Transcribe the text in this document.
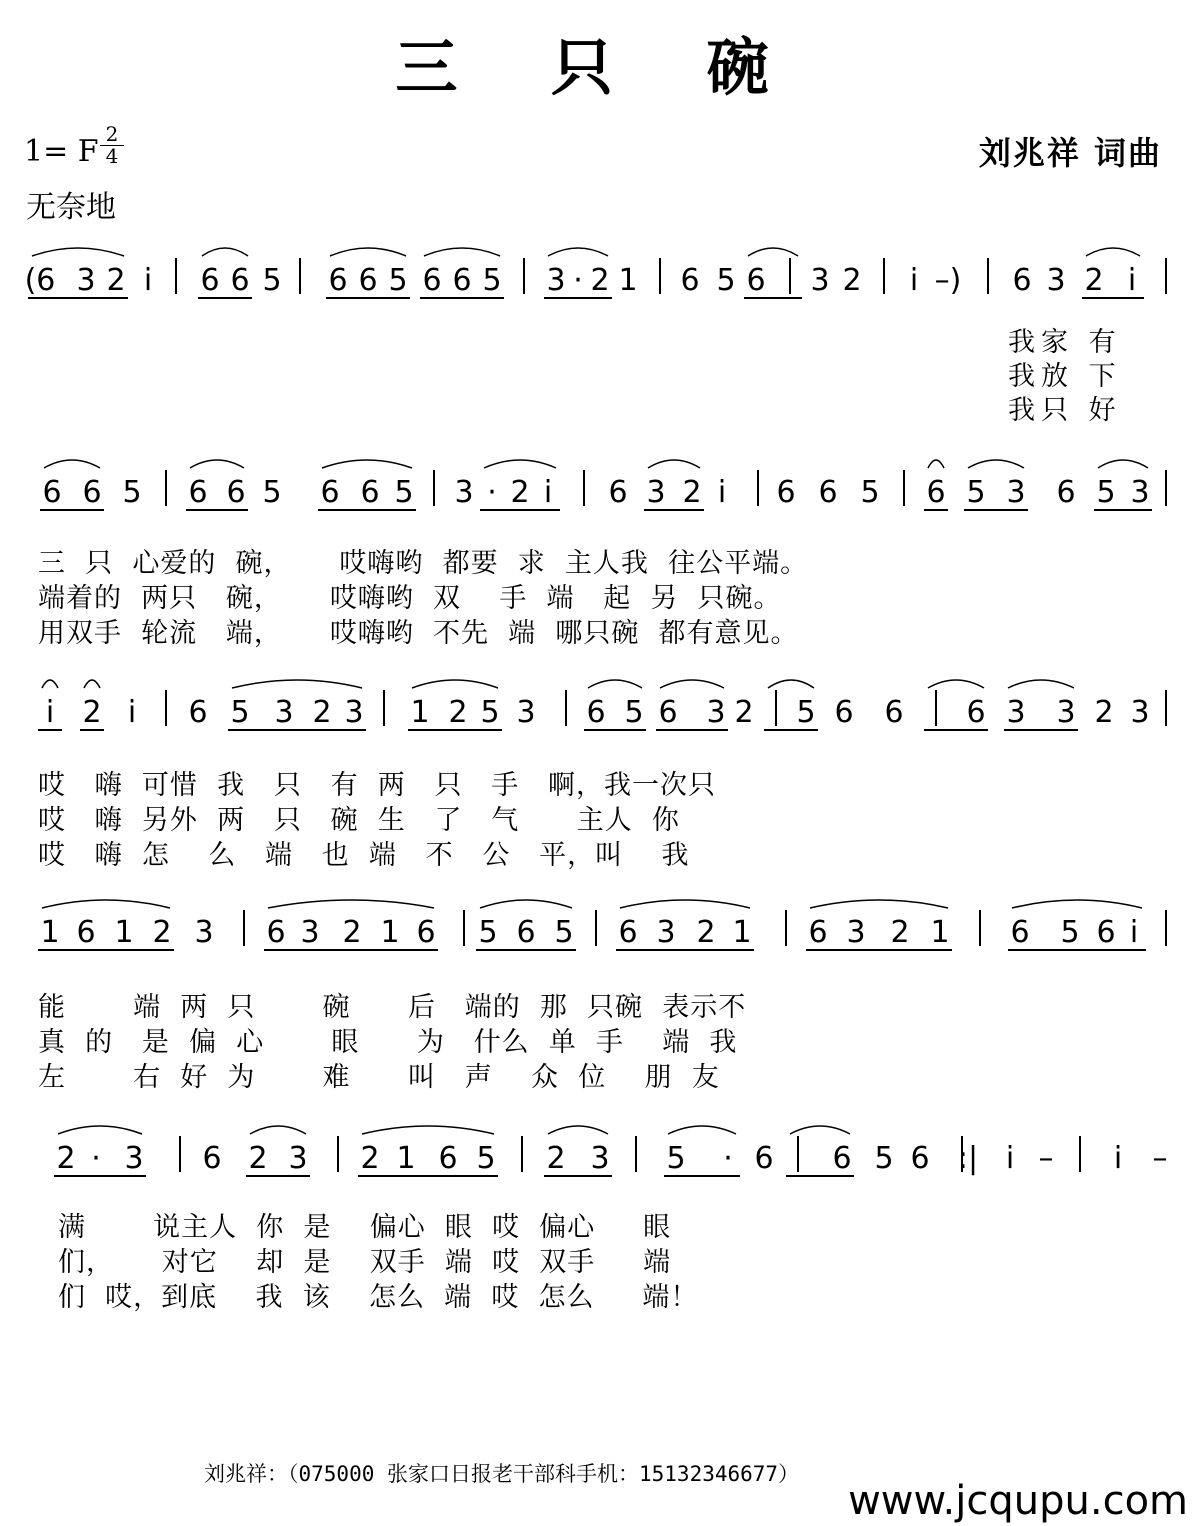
三 只 碗
1= F 2
4
无奈地
刘兆祥 词曲
(6 3 2 i 6 6 5 6 6 5 6 6 5 3 · 2 1 6 5 6 3 2 i –) 6 3 2 i
6 6 5 6 6 5 6 6 5 3 · 2 i 6 3 2 i 6 6 5 6 5 3 6 5 3
i 2 i 6 5 3 2 3 1 2 5 3 6 5 6 3 2 5 6 6 6 3 3 2 3
1 6 1 2 3 6 3 2 1 6 5 6 5 6 3 2 1 6 3 2 1 6 5 6 i
2 · 3 6 2 3 2 1 6 5 2 3 5 · 6 6 5 6	i – i –
:|
我家 有
我放 下
我只 好
三  只  心爱的  碗，     哎嗨哟  都要  求  主人我  往公平端。
端着的  两只   碗，     哎嗨哟  双    手  端   起  另  只碗。
用双手  轮流   端，     哎嗨哟  不先  端  哪只碗  都有意见。
哎   嗨  可惜  我   只   有  两   只   手   啊，我一次只
哎   嗨  另外  两   只   碗  生   了   气      主人  你
哎   嗨  怎    么   端   也  端   不   公   平，叫    我
能       端  两  只       碗      后   端的  那  只碗  表示不
真  的   是  偏  心       眼      为   什么  单  手    端  我
左       右  好  为       难      叫   声    众  位    朋  友
满       说主人  你  是    偏心  眼  哎  偏心     眼
们，     对它    却  是    双手  端  哎  双手     端
们  哎，到底    我  该    怎么  端  哎  怎么     端！
刘兆祥：（075000 张家口日报老干部科手机：15132346677）
www.jcqupu.com
